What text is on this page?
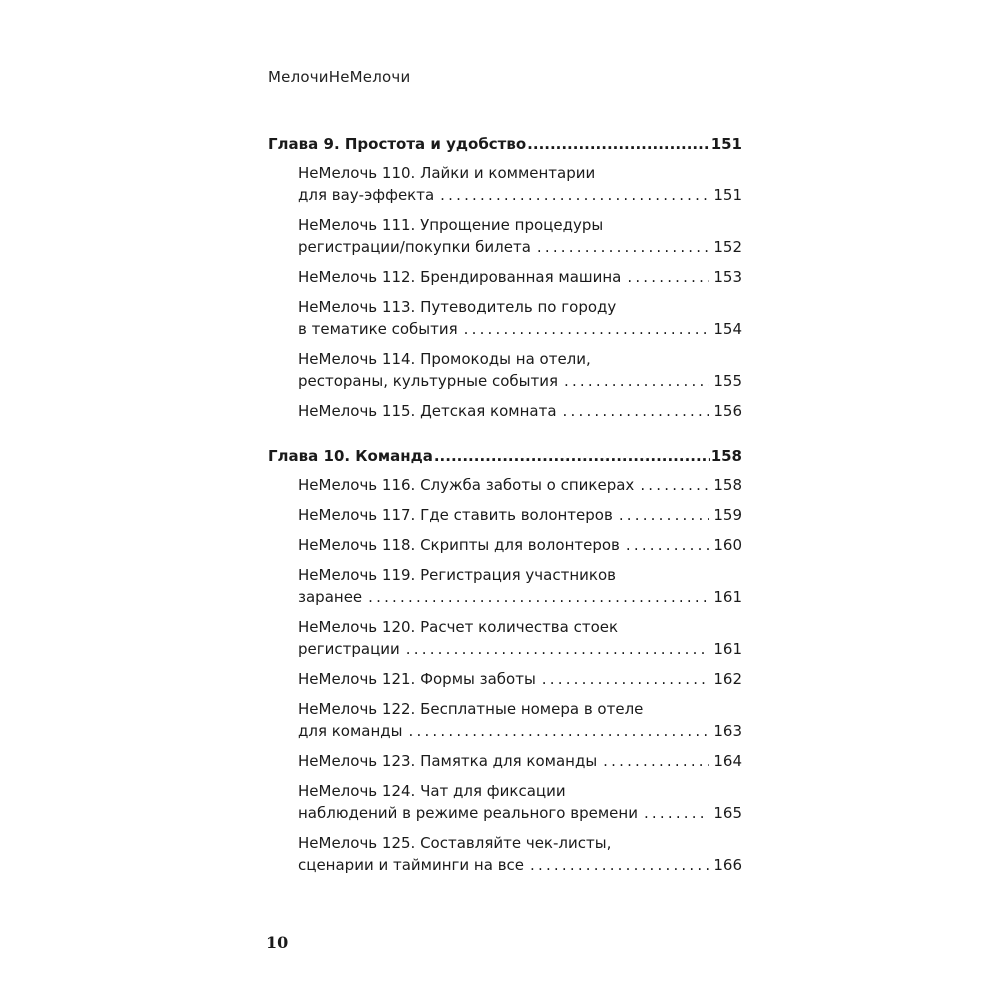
МелочиНеМелочи
Глава 9. Простота и удобство .....	151
НеМелочь 110. Лайки и комментарии
для вау-эффекта .....	151
НеМелочь 111. Упрощение процедуры
регистрации/покупки билета .....	152
НеМелочь 112. Брендированная машина .....	153
НеМелочь 113. Путеводитель по городу
в тематике события .....	154
НеМелочь 114. Промокоды на отели,
рестораны, культурные события .....	155
НеМелочь 115. Детская комната .....	156
Глава 10. Команда .....	158
НеМелочь 116. Служба заботы о спикерах .....	158
НеМелочь 117. Где ставить волонтеров .....	159
НеМелочь 118. Скрипты для волонтеров .....	160
НеМелочь 119. Регистрация участников
заранее .....	161
НеМелочь 120. Расчет количества стоек
регистрации .....	161
НеМелочь 121. Формы заботы .....	162
НеМелочь 122. Бесплатные номера в отеле
для команды .....	163
НеМелочь 123. Памятка для команды .....	164
НеМелочь 124. Чат для фиксации
наблюдений в режиме реального времени .....	165
НеМелочь 125. Составляйте чек-листы,
сценарии и тайминги на все .....	166
10
